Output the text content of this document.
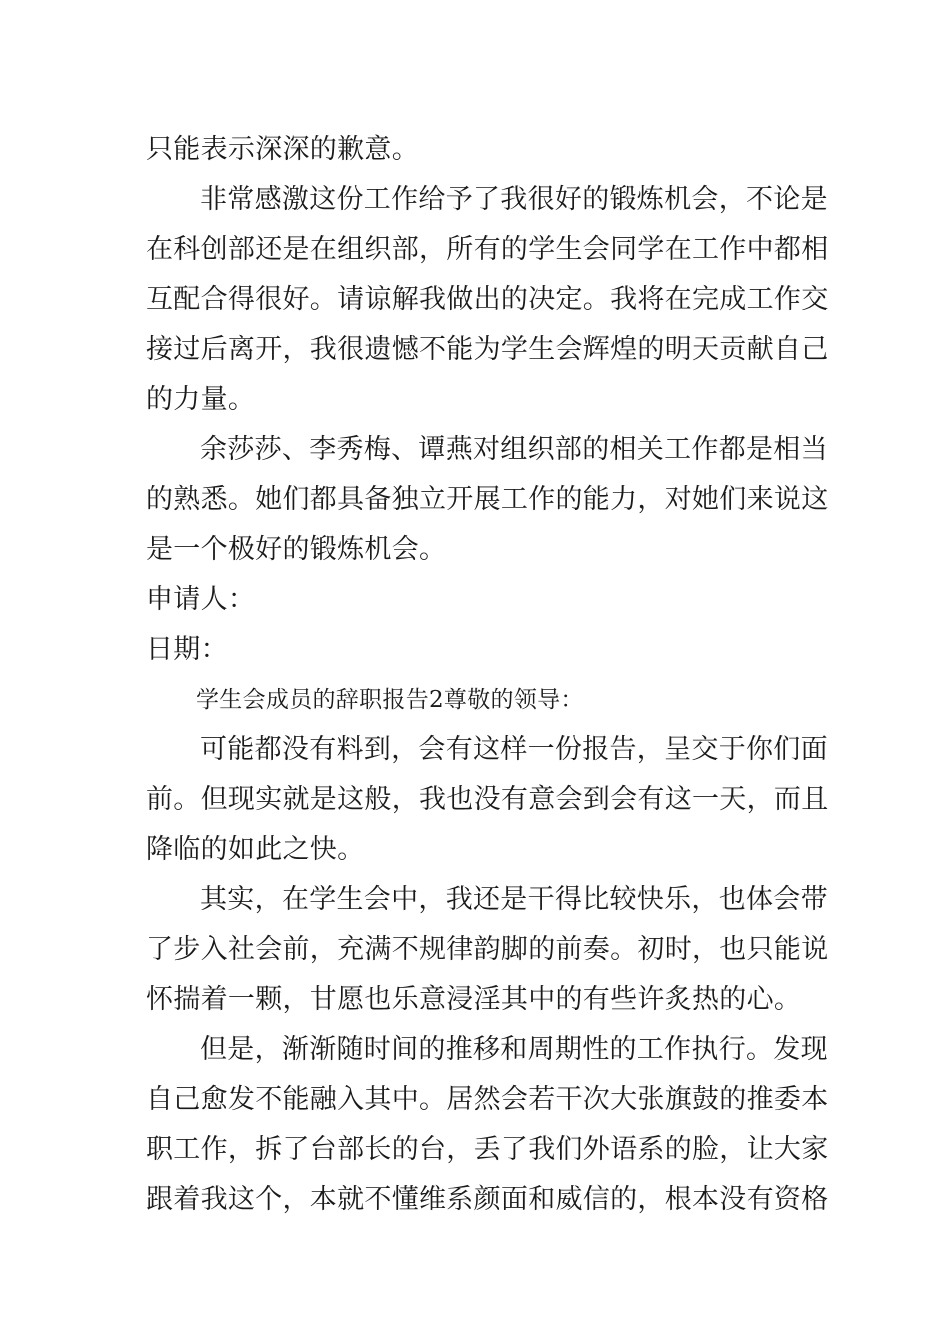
只能表示深深的歉意。
非常感激这份工作给予了我很好的锻炼机会，不论是
在科创部还是在组织部，所有的学生会同学在工作中都相
互配合得很好。请谅解我做出的决定。我将在完成工作交
接过后离开，我很遗憾不能为学生会辉煌的明天贡献自己
的力量。
余莎莎、李秀梅、谭燕对组织部的相关工作都是相当
的熟悉。她们都具备独立开展工作的能力，对她们来说这
是一个极好的锻炼机会。
申请人：
日期：
学生会成员的辞职报告2尊敬的领导：
可能都没有料到，会有这样一份报告，呈交于你们面
前。但现实就是这般，我也没有意会到会有这一天，而且
降临的如此之快。
其实，在学生会中，我还是干得比较快乐，也体会带
了步入社会前，充满不规律韵脚的前奏。初时，也只能说
怀揣着一颗，甘愿也乐意浸淫其中的有些许炙热的心。
但是，渐渐随时间的推移和周期性的工作执行。发现
自己愈发不能融入其中。居然会若干次大张旗鼓的推委本
职工作，拆了台部长的台，丢了我们外语系的脸，让大家
跟着我这个，本就不懂维系颜面和威信的，根本没有资格
